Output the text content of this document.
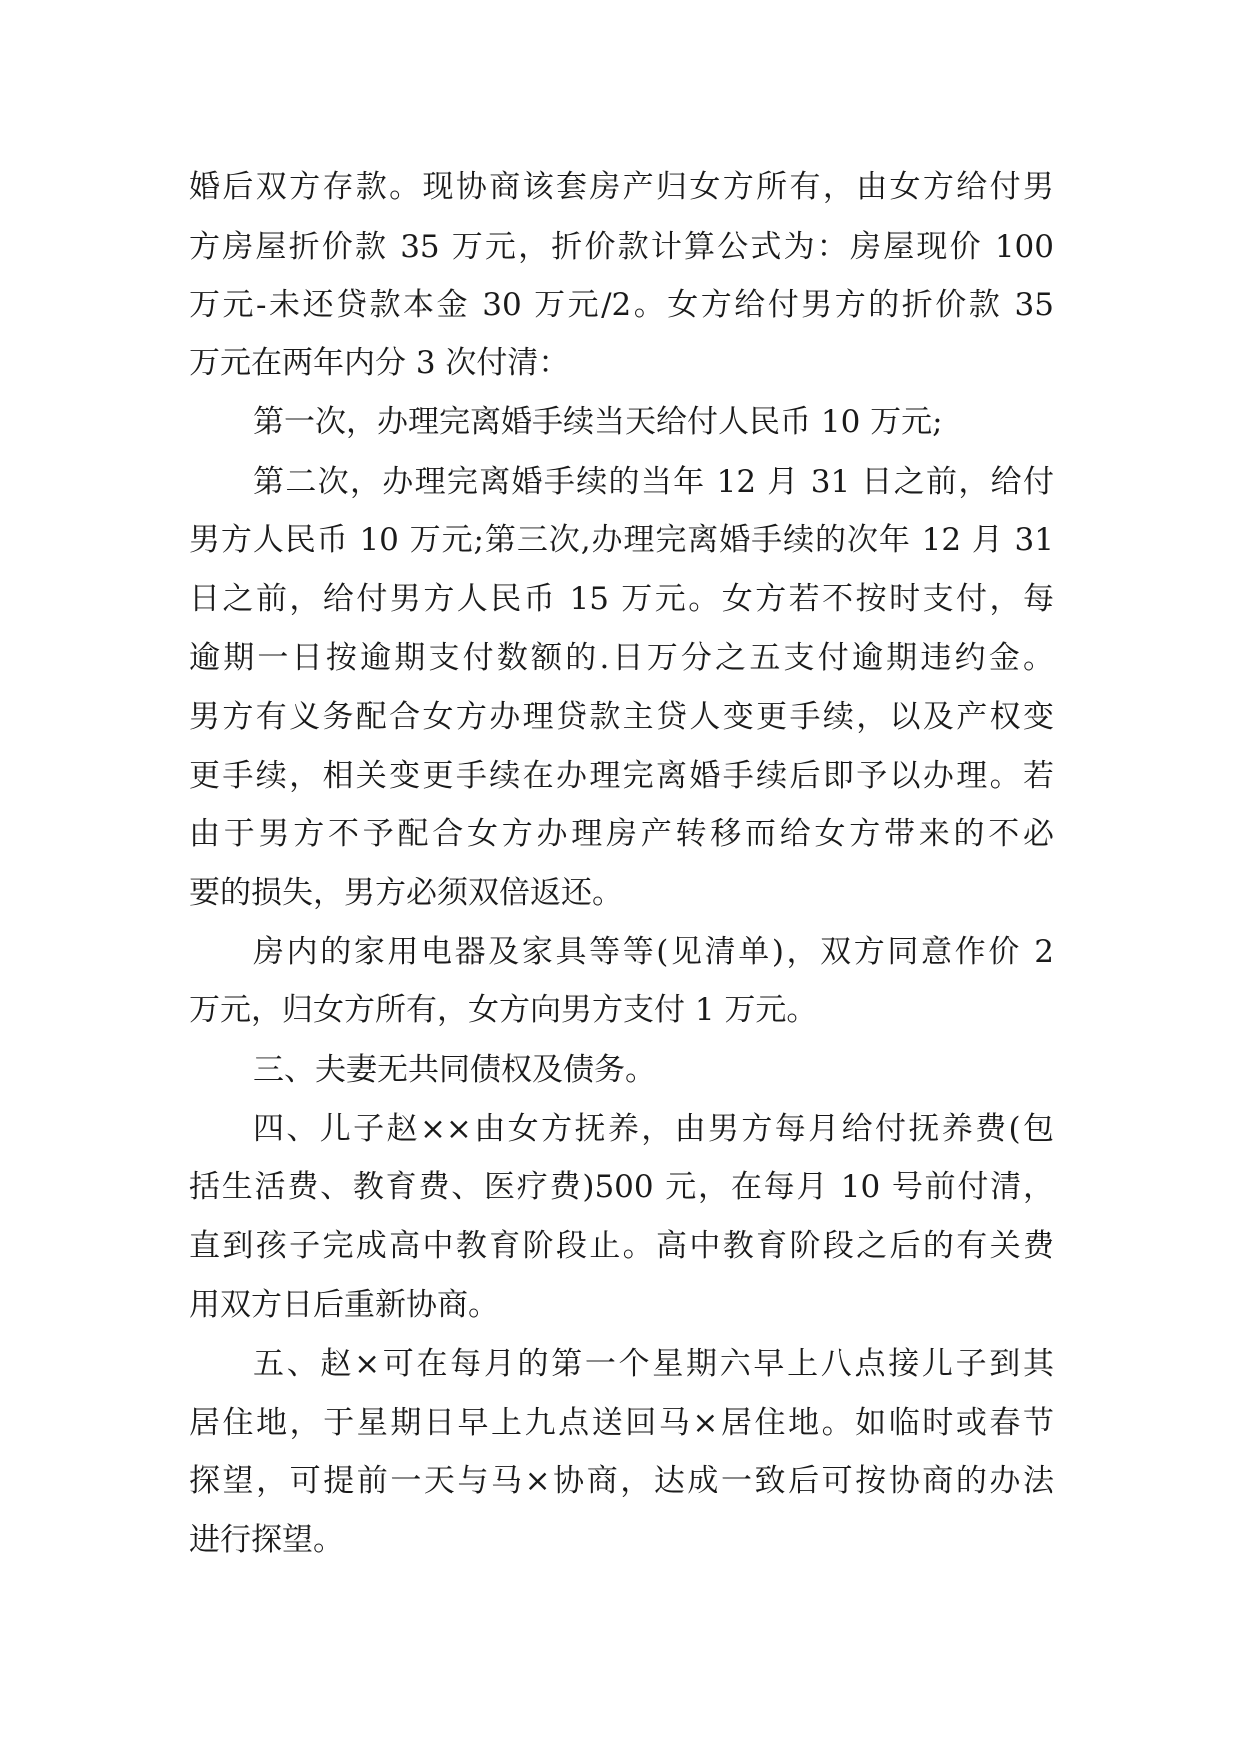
婚后双方存款。现协商该套房产归女方所有，由女方给付男
方房屋折价款 35 万元，折价款计算公式为：房屋现价 100
万元-未还贷款本金 30 万元/2。女方给付男方的折价款 35
万元在两年内分 3 次付清：
第一次，办理完离婚手续当天给付人民币 10 万元;
第二次，办理完离婚手续的当年 12 月 31 日之前，给付
男方人民币 10 万元;第三次,办理完离婚手续的次年 12 月 31
日之前，给付男方人民币 15 万元。女方若不按时支付，每
逾期一日按逾期支付数额的.日万分之五支付逾期违约金。
男方有义务配合女方办理贷款主贷人变更手续，以及产权变
更手续，相关变更手续在办理完离婚手续后即予以办理。若
由于男方不予配合女方办理房产转移而给女方带来的不必
要的损失，男方必须双倍返还。
房内的家用电器及家具等等(见清单)，双方同意作价 2
万元，归女方所有，女方向男方支付 1 万元。
三、夫妻无共同债权及债务。
四、儿子赵××由女方抚养，由男方每月给付抚养费(包
括生活费、教育费、医疗费)500 元，在每月 10 号前付清，
直到孩子完成高中教育阶段止。高中教育阶段之后的有关费
用双方日后重新协商。
五、赵×可在每月的第一个星期六早上八点接儿子到其
居住地，于星期日早上九点送回马×居住地。如临时或春节
探望，可提前一天与马×协商，达成一致后可按协商的办法
进行探望。
